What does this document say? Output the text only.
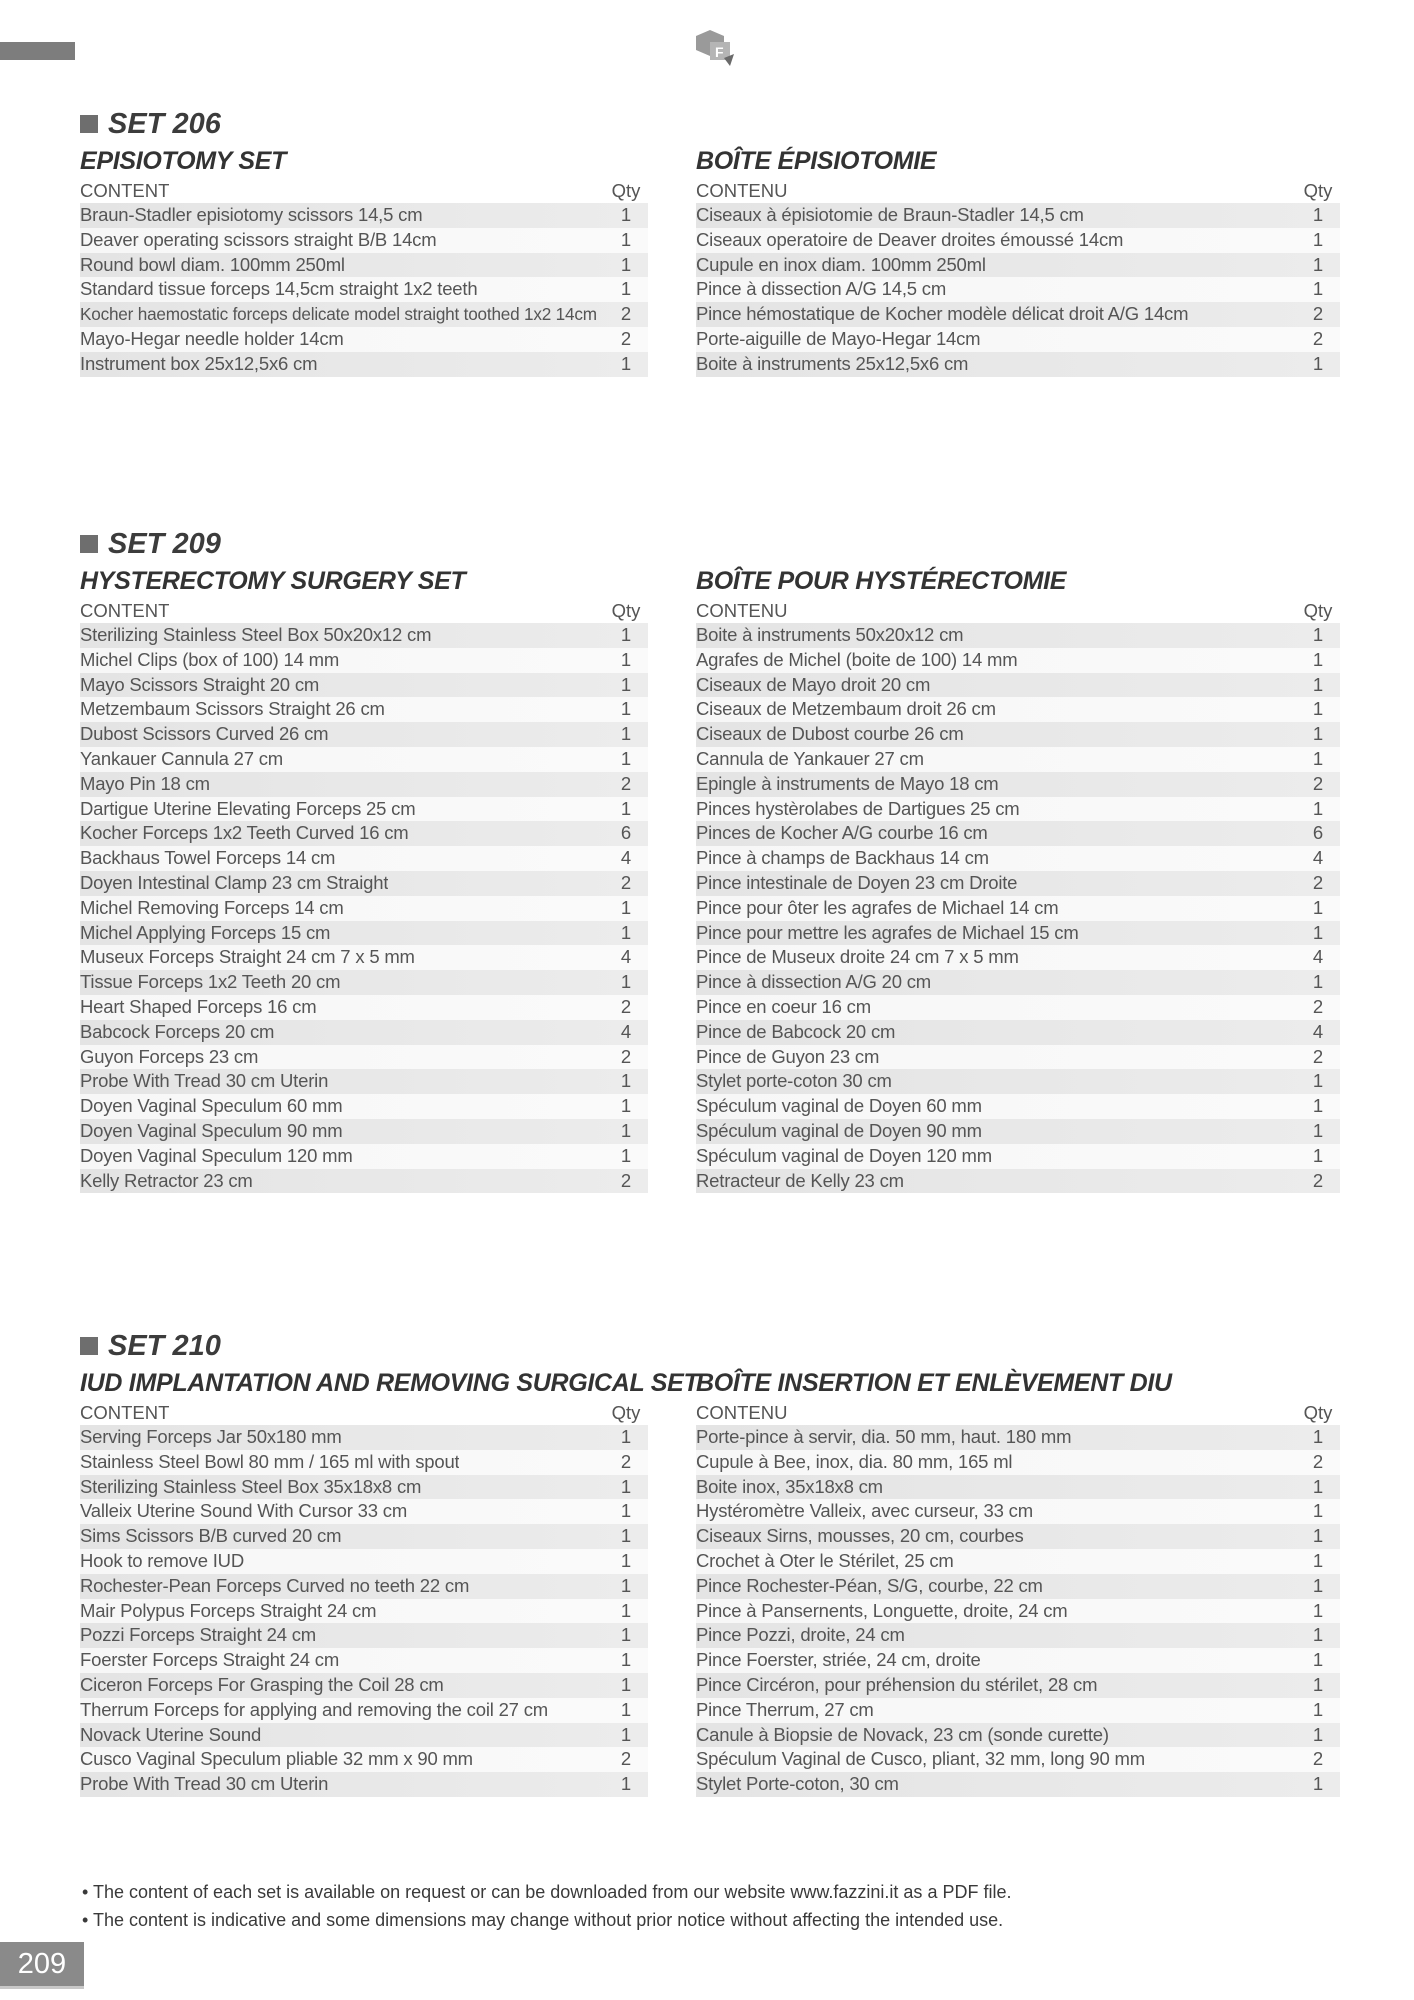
F
SET 206
EPISIOTOMY SET
CONTENT	Qty
Braun-Stadler episiotomy scissors 14,5 cm	1
Deaver operating scissors straight B/B 14cm	1
Round bowl diam. 100mm 250ml	1
Standard tissue forceps 14,5cm straight 1x2 teeth	1
Kocher haemostatic forceps delicate model straight toothed 1x2 14cm	2
Mayo-Hegar needle holder 14cm	2
Instrument box 25x12,5x6 cm	1
BOÎTE ÉPISIOTOMIE
CONTENU	Qty
Ciseaux à épisiotomie de Braun-Stadler 14,5 cm	1
Ciseaux operatoire de Deaver droites émoussé 14cm	1
Cupule en inox diam. 100mm 250ml	1
Pince à dissection A/G 14,5 cm	1
Pince hémostatique de Kocher modèle délicat droit A/G 14cm	2
Porte-aiguille de Mayo-Hegar 14cm	2
Boite à instruments 25x12,5x6 cm	1
SET 209
HYSTERECTOMY SURGERY SET
CONTENT	Qty
Sterilizing Stainless Steel Box 50x20x12 cm	1
Michel Clips (box of 100) 14 mm	1
Mayo Scissors Straight 20 cm	1
Metzembaum Scissors Straight 26 cm	1
Dubost Scissors Curved 26 cm	1
Yankauer Cannula 27 cm	1
Mayo Pin 18 cm	2
Dartigue Uterine Elevating Forceps 25 cm	1
Kocher Forceps 1x2 Teeth Curved 16 cm	6
Backhaus Towel Forceps 14 cm	4
Doyen Intestinal Clamp 23 cm Straight	2
Michel Removing Forceps 14 cm	1
Michel Applying Forceps 15 cm	1
Museux Forceps Straight 24 cm 7 x 5 mm	4
Tissue Forceps 1x2 Teeth 20 cm	1
Heart Shaped Forceps 16 cm	2
Babcock Forceps 20 cm	4
Guyon Forceps 23 cm	2
Probe With Tread 30 cm Uterin	1
Doyen Vaginal Speculum 60 mm	1
Doyen Vaginal Speculum 90 mm	1
Doyen Vaginal Speculum 120 mm	1
Kelly Retractor 23 cm	2
BOÎTE POUR HYSTÉRECTOMIE
CONTENU	Qty
Boite à instruments 50x20x12 cm	1
Agrafes de Michel (boite de 100) 14 mm	1
Ciseaux de Mayo droit 20 cm	1
Ciseaux de Metzembaum droit 26 cm	1
Ciseaux de Dubost courbe 26 cm	1
Cannula de Yankauer 27 cm	1
Epingle à instruments de Mayo 18 cm	2
Pinces hystèrolabes de Dartigues 25 cm	1
Pinces de Kocher A/G courbe 16 cm	6
Pince à champs de Backhaus 14 cm	4
Pince intestinale de Doyen 23 cm Droite	2
Pince pour ôter les agrafes de Michael 14 cm	1
Pince pour mettre les agrafes de Michael 15 cm	1
Pince de Museux droite 24 cm 7 x 5 mm	4
Pince à dissection A/G 20 cm	1
Pince en coeur 16 cm	2
Pince de Babcock 20 cm	4
Pince de Guyon 23 cm	2
Stylet porte-coton 30 cm	1
Spéculum vaginal de Doyen 60 mm	1
Spéculum vaginal de Doyen 90 mm	1
Spéculum vaginal de Doyen 120 mm	1
Retracteur de Kelly 23 cm	2
SET 210
IUD IMPLANTATION AND REMOVING SURGICAL SET
CONTENT	Qty
Serving Forceps Jar 50x180 mm	1
Stainless Steel Bowl 80 mm / 165 ml with spout	2
Sterilizing Stainless Steel Box 35x18x8 cm	1
Valleix Uterine Sound With Cursor 33 cm	1
Sims Scissors B/B curved 20 cm	1
Hook to remove IUD	1
Rochester-Pean Forceps Curved no teeth 22 cm	1
Mair Polypus Forceps Straight 24 cm	1
Pozzi Forceps Straight 24 cm	1
Foerster Forceps Straight 24 cm	1
Ciceron Forceps For Grasping the Coil 28 cm	1
Therrum Forceps for applying and removing the coil 27 cm	1
Novack Uterine Sound	1
Cusco Vaginal Speculum pliable 32 mm x 90 mm	2
Probe With Tread 30 cm Uterin	1
BOÎTE INSERTION ET ENLÈVEMENT DIU
CONTENU	Qty
Porte-pince à servir, dia. 50 mm, haut. 180 mm	1
Cupule à Bee, inox, dia. 80 mm, 165 ml	2
Boite inox, 35x18x8 cm	1
Hystéromètre Valleix, avec curseur, 33 cm	1
Ciseaux Sirns, mousses, 20 cm, courbes	1
Crochet à Oter le Stérilet, 25 cm	1
Pince Rochester-Péan, S/G, courbe, 22 cm	1
Pince à Pansernents, Longuette, droite, 24 cm	1
Pince Pozzi, droite, 24 cm	1
Pince Foerster, striée, 24 cm, droite	1
Pince Circéron, pour préhension du stérilet, 28 cm	1
Pince Therrum, 27 cm	1
Canule à Biopsie de Novack, 23 cm (sonde curette)	1
Spéculum Vaginal de Cusco, pliant, 32 mm, long 90 mm	2
Stylet Porte-coton, 30 cm	1
• The content of each set is available on request or can be downloaded from our website www.fazzini.it as a PDF file.
• The content is indicative and some dimensions may change without prior notice without affecting the intended use.
209
